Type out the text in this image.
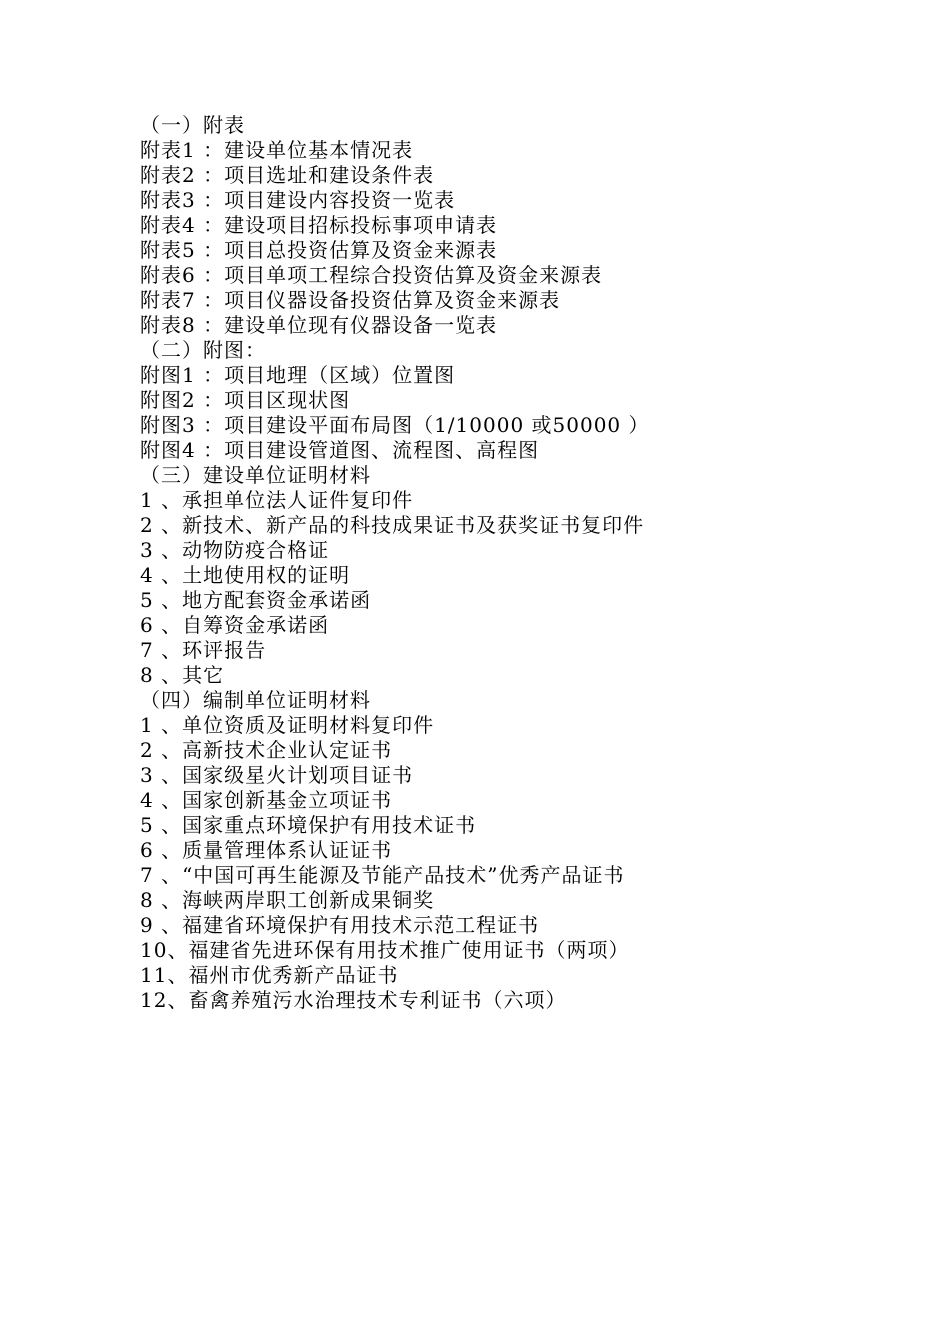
（一）附表
附表1 ：建设单位基本情况表
附表2 ：项目选址和建设条件表
附表3 ：项目建设内容投资一览表
附表4 ：建设项目招标投标事项申请表
附表5 ：项目总投资估算及资金来源表
附表6 ：项目单项工程综合投资估算及资金来源表
附表7 ：项目仪器设备投资估算及资金来源表
附表8 ：建设单位现有仪器设备一览表
（二）附图：
附图1 ：项目地理（区域）位置图
附图2 ：项目区现状图
附图3 ：项目建设平面布局图（1/10000 或50000 ）
附图4 ：项目建设管道图、流程图、高程图
（三）建设单位证明材料
1 、承担单位法人证件复印件
2 、新技术、新产品的科技成果证书及获奖证书复印件
3 、动物防疫合格证
4 、土地使用权的证明
5 、地方配套资金承诺函
6 、自筹资金承诺函
7 、环评报告
8 、其它
（四）编制单位证明材料
1 、单位资质及证明材料复印件
2 、高新技术企业认定证书
3 、国家级星火计划项目证书
4 、国家创新基金立项证书
5 、国家重点环境保护有用技术证书
6 、质量管理体系认证证书
7 、“中国可再生能源及节能产品技术”优秀产品证书
8 、海峡两岸职工创新成果铜奖
9 、福建省环境保护有用技术示范工程证书
10、福建省先进环保有用技术推广使用证书（两项）
11、福州市优秀新产品证书
12、畜禽养殖污水治理技术专利证书（六项）
